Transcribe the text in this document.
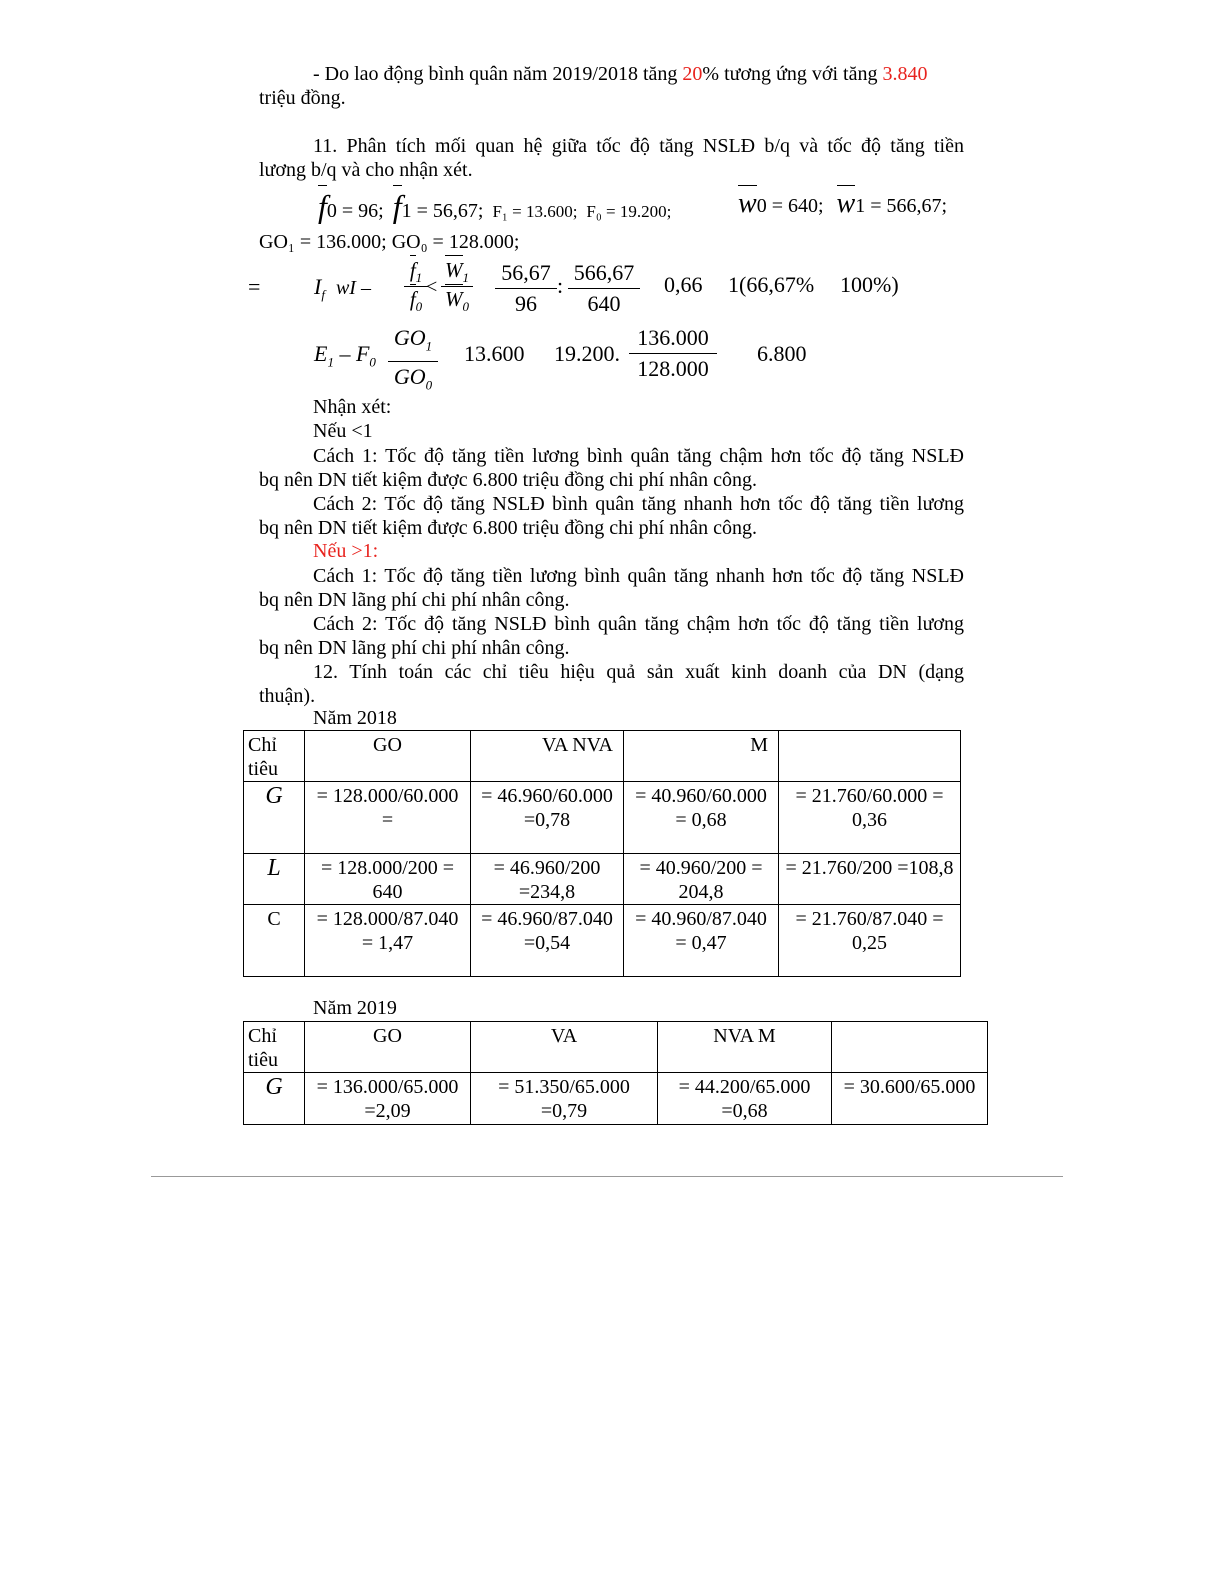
- Do lao động bình quân năm 2019/2018 tăng 20% tương ứng với tăng 3.840
triệu đồng.
11. Phân tích mối quan hệ giữa tốc độ tăng NSLĐ b/q và tốc độ tăng tiền
lương b/q và cho nhận xét.
f0 = 96; f1 = 56,67; F₁ = 13.600; F₀ = 19.200; w0 = 640; w1 = 566,67;
GO₁ = 136.000; GO₀ = 128.000;
= $I_f$ wI – $\frac{f_1}{f_0}$
< $\frac{W_1}{W_0} \frac{56,67}{96}$ : $\frac{566,67}{640} 0,66$ 1(66,67% 100%)
$E_1 - F_0 \frac{GO_1}{GO_0} 13.600$ 19.200. $\frac{136.000}{128.000} 6.800$
Nhận xét:
Nếu <1
Cách 1: Tốc độ tăng tiền lương bình quân tăng chậm hơn tốc độ tăng NSLĐ
bq nên DN tiết kiệm được 6.800 triệu đồng chi phí nhân công.
Cách 2: Tốc độ tăng NSLĐ bình quân tăng nhanh hơn tốc độ tăng tiền lương
bq nên DN tiết kiệm được 6.800 triệu đồng chi phí nhân công.
Nếu >1:
Cách 1: Tốc độ tăng tiền lương bình quân tăng nhanh hơn tốc độ tăng NSLĐ
bq nên DN lãng phí chi phí nhân công.
Cách 2: Tốc độ tăng NSLĐ bình quân tăng chậm hơn tốc độ tăng tiền lương
bq nên DN lãng phí chi phí nhân công.
12. Tính toán các chỉ tiêu hiệu quả sản xuất kinh doanh của DN (dạng
thuận).
Năm 2018
Chỉ tiêu	GO	VA NVA	M	
G	= 128.000/60.000 =	= 46.960/60.000 =0,78	= 40.960/60.000 = 0,68	= 21.760/60.000 = 0,36
L	= 128.000/200 = 640	= 46.960/200 =234,8	= 40.960/200 = 204,8	= 21.760/200 =108,8
C	= 128.000/87.040 = 1,47	= 46.960/87.040 =0,54	= 40.960/87.040 = 0,47	= 21.760/87.040 = 0,25
Năm 2019
Chỉ tiêu	GO	VA	NVA M	
G	= 136.000/65.000 =2,09	= 51.350/65.000 =0,79	= 44.200/65.000 =0,68	= 30.600/65.000
